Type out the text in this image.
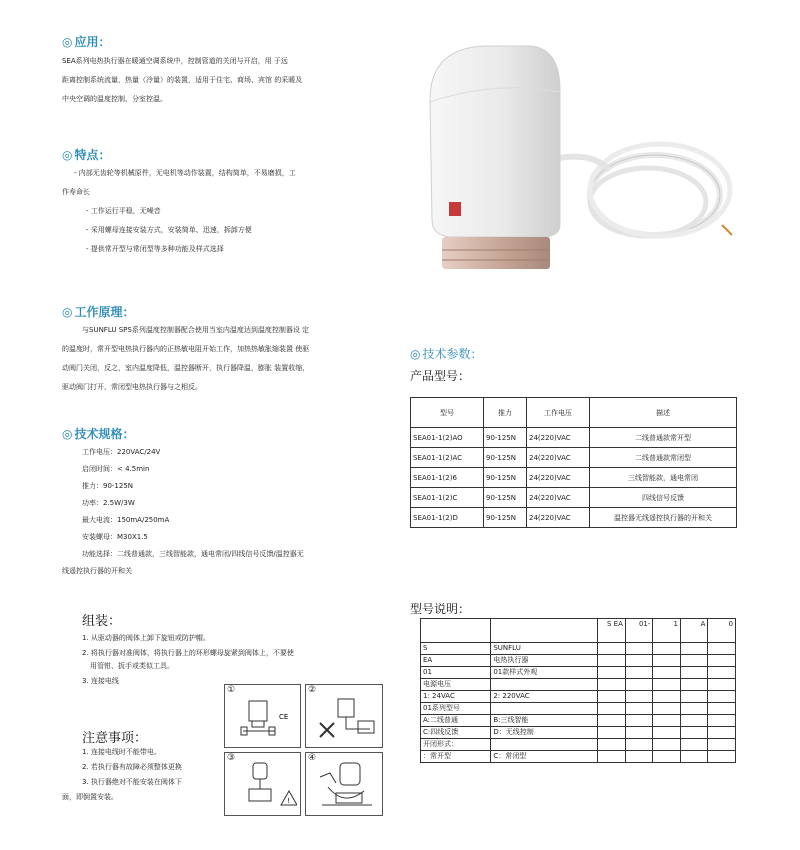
◎ 应用：
SEA系列电热执行器在暖通空调系统中，控制管道的关闭与开启，用 于远
距离控制系统流量，热量（冷量）的装置，适用于住宅、商场、宾馆 的采暖及
中央空调的温度控制、分室控温。
◎ 特点：
- 内部无齿轮等机械原件，无电机等动作装置，结构简单，不易磨损，工
作寿命长
- 工作运行平稳，无噪音
- 采用螺母连接安装方式，安装简单、迅速，拆卸方便
- 提供常开型与常闭型等多种功能及样式选择
◎ 工作原理：
与SUNFLU SPS系列温度控制器配合使用当室内温度达到温度控制器设 定
的温度时，常开型电热执行器内的正热敏电阻开始工作，加热热敏胀缩装置 使驱
动阀门关闭，反之，室内温度降低，温控器断开，执行器降温，膨胀 装置收缩，
驱动阀门打开，常闭型电热执行器与之相反。
◎ 技术规格：
工作电压：220VAC/24V
启闭时间：< 4.5min
推力：90-125N
功率：2.5W/3W
最大电流：150mA/250mA
安装螺母：M30X1.5
功能选择：二线普通款，三线智能款，通电常闭/四线信号反馈/温控器无
线遥控执行器的开和关
◎ 技术参数：
产品型号：
型号	推力	工作电压	描述
SEA01-1(2)AO	90-125N	24(220)VAC	二线普通款常开型
SEA01-1(2)AC	90-125N	24(220)VAC	二线普通款常闭型
SEA01-1(2)6	90-125N	24(220)VAC	三线智能款，通电常闭
SEA01-1(2)C	90-125N	24(220)VAC	四线信号反馈
SEA01-1(2)D	90-125N	24(220)VAC	温控器无线遥控执行器的开和关
组装：
1. 从驱动器的阀体上卸下旋钮或防护帽。
2. 将执行器对准阀体，将执行器上的环形螺母旋紧到阀体上，不要使
用管钳、扳手或类似工具。
3. 连接电线
注意事项：
1. 连接电线时不能带电。
2. 若执行器有故障必须整体更换
3. 执行器绝对不能安装在阀体下
面，即倒置安装。
①
CE
②
③
!
④
型号说明：
		S EA	01-	1	A	0

S	SUNFLU					
EA	电热执行器					
01	01款样式外观					
电源电压						
1: 24VAC	2: 220VAC					
01系列型号						
A:二线普通	B:三线智能					
C:四线反馈	D：无线控制					
开闭形式：						
：常开型	C：常闭型					
